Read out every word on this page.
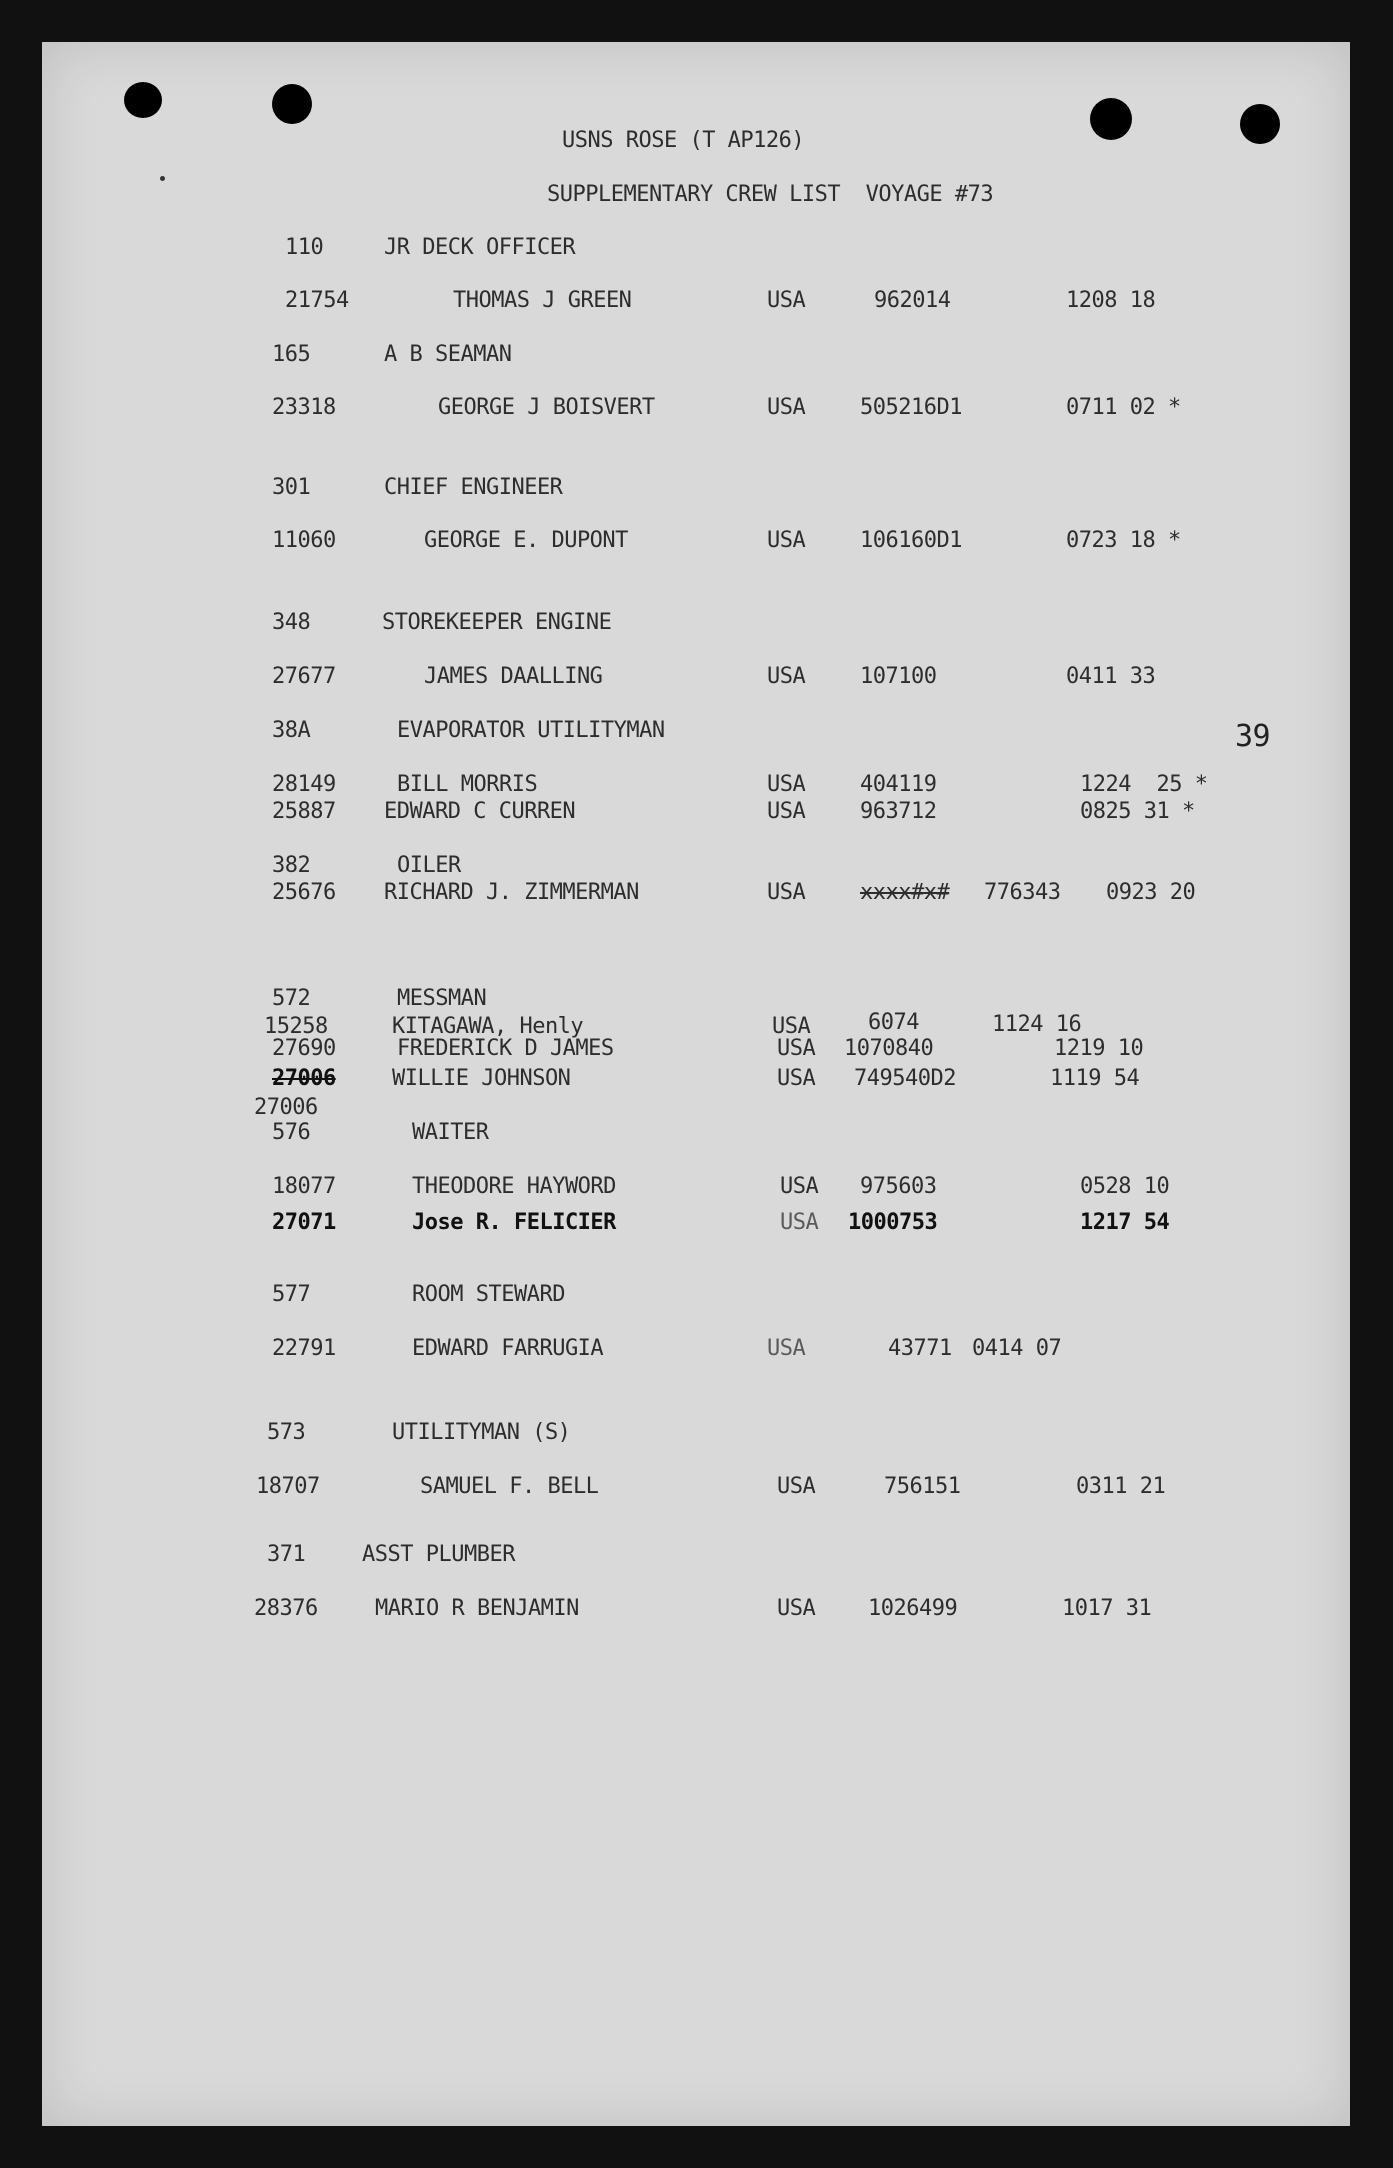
USNS ROSE (T AP126)
SUPPLEMENTARY CREW LIST  VOYAGE #73
39
110	JR DECK OFFICER
21754	THOMAS J GREEN	USA	962014	1208 18
165	A B SEAMAN
23318	GEORGE J BOISVERT	USA 505216D1	0711 02 *
301	CHIEF ENGINEER
11060	GEORGE E. DUPONT	USA 106160D1	0723 18 *
348	STOREKEEPER ENGINE
27677	JAMES DAALLING	USA 107100	0411 33
38A	EVAPORATOR UTILITYMAN
28149	BILL MORRIS	USA 404119	1224  25 *
25887 EDWARD C CURREN	USA 963712	0825 31 *
382	OILER
25676 RICHARD J. ZIMMERMAN	USA xxxx#x# 776343 0923 20
572	MESSMAN
15258	KITAGAWA, Henly	USA	6074	1124 16
27690	FREDERICK D JAMES	USA 1070840	1219 10
27006	WILLIE JOHNSON	USA 749540D2	1119 54
27006
576	WAITER
18077	THEODORE HAYWORD	USA 975603	0528 10
27071	Jose R. FELICIER	USA 1000753	1217 54
577	ROOM STEWARD
22791	EDWARD FARRUGIA	USA	43771 0414 07
573	UTILITYMAN (S)
18707	SAMUEL F. BELL	USA	756151	0311 21
371	ASST PLUMBER
28376	MARIO R BENJAMIN	USA 1026499	1017 31
